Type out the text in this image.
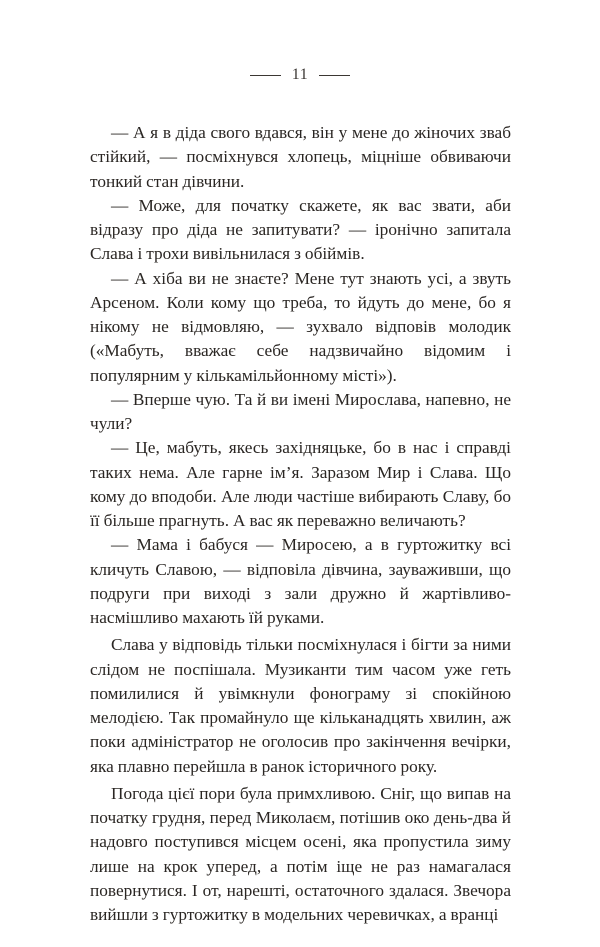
11

— А я в діда свого вдався, він у мене до жіночих зваб стійкий, — посміхнувся хлопець, міцніше обвиваючи тонкий стан дівчини.

— Може, для початку скажете, як вас звати, аби відразу про діда не запитувати? — іронічно запитала Слава і трохи вивільнилася з обіймів.

— А хіба ви не знаєте? Мене тут знають усі, а звуть Арсеном. Коли кому що треба, то йдуть до мене, бо я нікому не відмовляю, — зухвало відповів молодик («Мабуть, вважає себе надзвичайно відомим і популярним у кількамільйонному місті»).

— Вперше чую. Та й ви імені Мирослава, напевно, не чули?

— Це, мабуть, якесь західняцьке, бо в нас і справді таких нема. Але гарне ім’я. Заразом Мир і Слава. Що кому до вподоби. Але люди частіше вибирають Славу, бо її більше прагнуть. А вас як переважно величають?

— Мама і бабуся — Миросею, а в гуртожитку всі кличуть Славою, — відповіла дівчина, зауваживши, що подруги при виході з зали дружно й жартівливо-насмішливо махають їй руками.

Слава у відповідь тільки посміхнулася і бігти за ними слідом не поспішала. Музиканти тим часом уже геть помилилися й увімкнули фонограму зі спокійною мелодією. Так промайнуло ще кільканадцять хвилин, аж поки адміністратор не оголосив про закінчення вечірки, яка плавно перейшла в ранок історичного року.

Погода цієї пори була примхливою. Сніг, що випав на початку грудня, перед Миколаєм, потішив око день-два й надовго поступився місцем осені, яка пропустила зиму лише на крок уперед, а потім іще не раз намагалася повернутися. І от, нарешті, остаточного здалася. Звечора вийшли з гуртожитку в модельних черевичках, а вранці
